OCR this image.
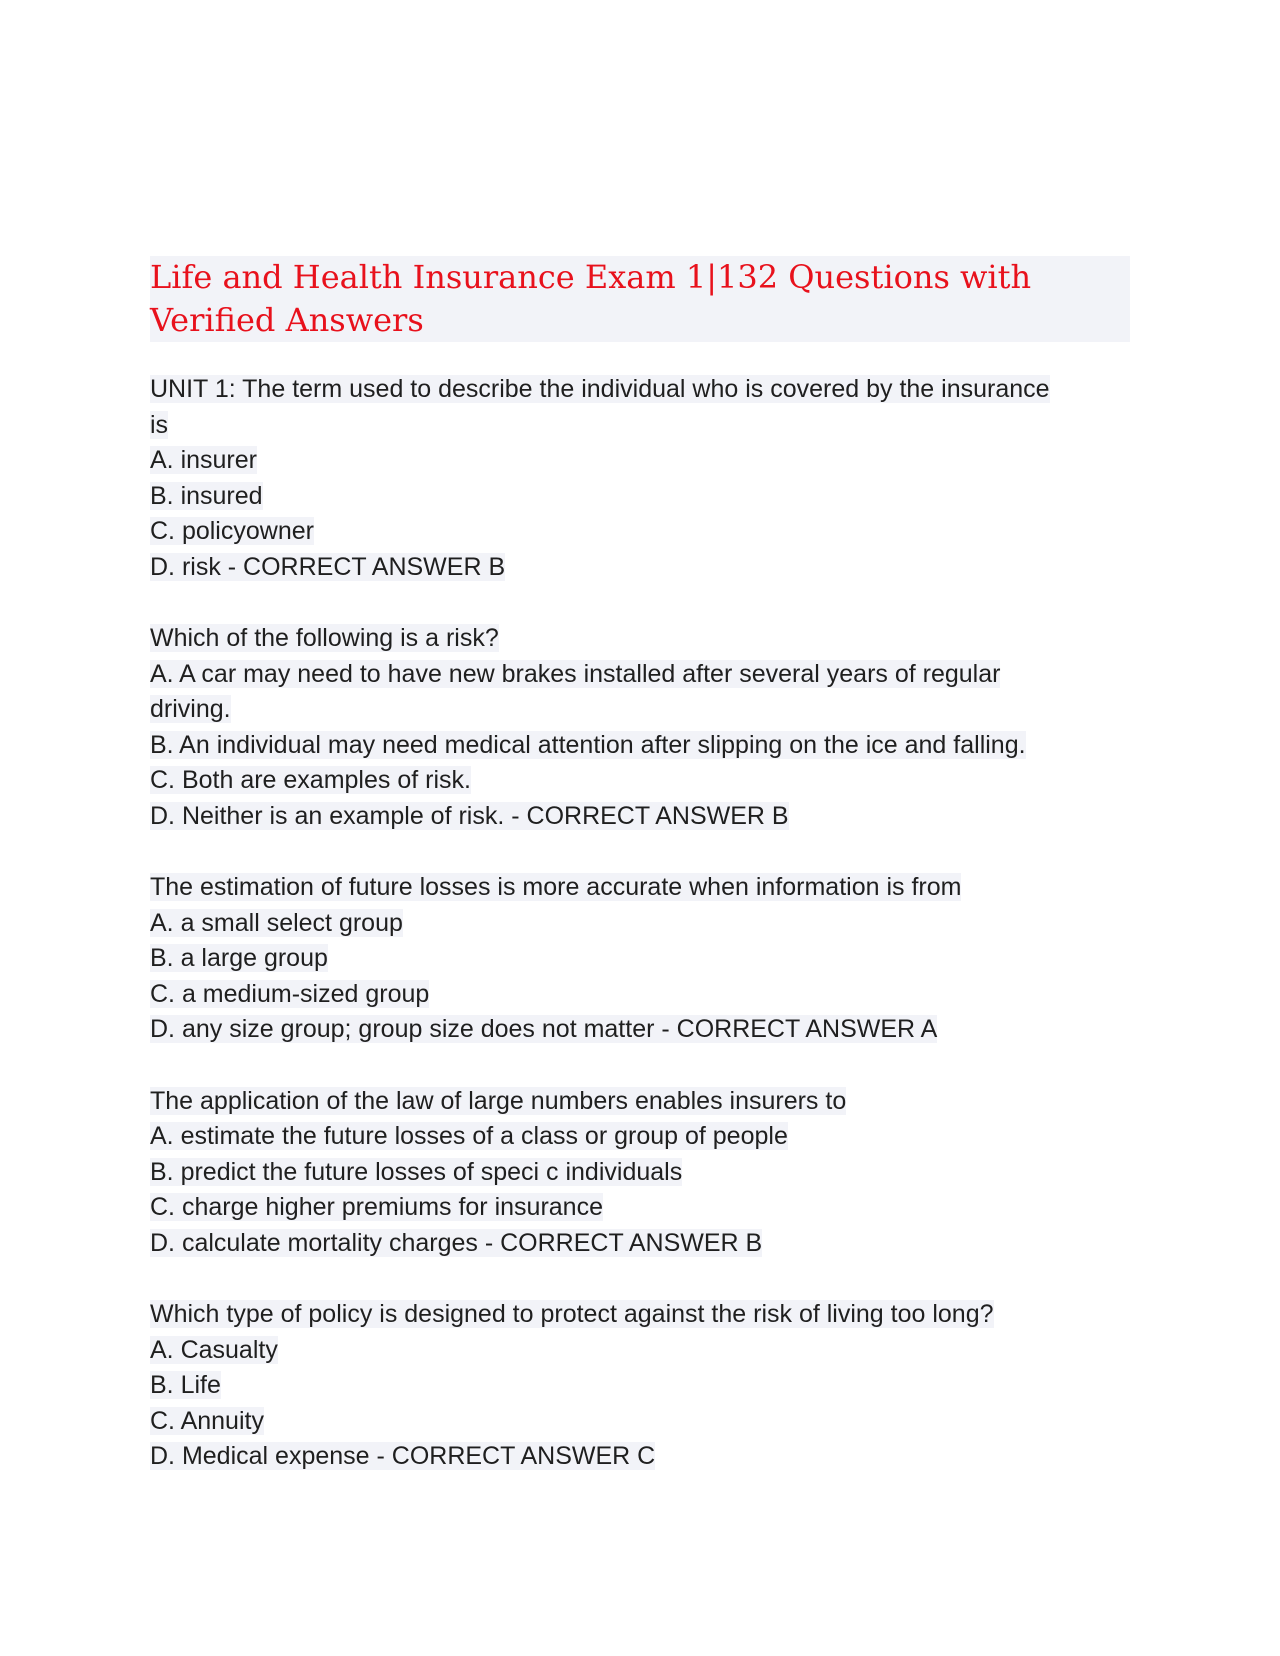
Life and Health Insurance Exam 1|132 Questions with
Verified Answers
UNIT 1: The term used to describe the individual who is covered by the insurance
is
A. insurer
B. insured
C. policyowner
D. risk - CORRECT ANSWER B
Which of the following is a risk?
A. A car may need to have new brakes installed after several years of regular
driving.
B. An individual may need medical attention after slipping on the ice and falling.
C. Both are examples of risk.
D. Neither is an example of risk. - CORRECT ANSWER B
The estimation of future losses is more accurate when information is from
A. a small select group
B. a large group
C. a medium-sized group
D. any size group; group size does not matter - CORRECT ANSWER A
The application of the law of large numbers enables insurers to
A. estimate the future losses of a class or group of people
B. predict the future losses of speci c individuals
C. charge higher premiums for insurance
D. calculate mortality charges - CORRECT ANSWER B
Which type of policy is designed to protect against the risk of living too long?
A. Casualty
B. Life
C. Annuity
D. Medical expense - CORRECT ANSWER C
